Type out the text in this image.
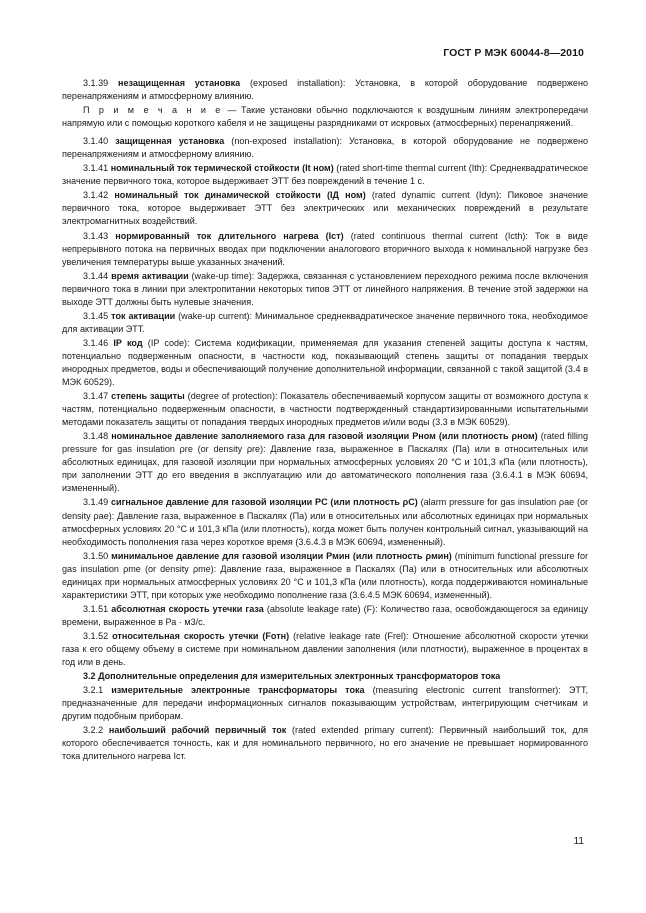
ГОСТ Р МЭК 60044-8—2010

3.1.39 незащищенная установка (exposed installation): Установка, в которой оборудование подвержено перенапряжениям и атмосферному влиянию.

П р и м е ч а н и е — Такие установки обычно подключаются к воздушным линиям электропередачи напрямую или с помощью короткого кабеля и не защищены разрядниками от искровых (атмосферных) перенапряжений.

3.1.40 защищенная установка (non-exposed installation): Установка, в которой оборудование не подвержено перенапряжениям и атмосферному влиянию.

3.1.41 номинальный ток термической стойкости (It ном) (rated short-time thermal current (Ith): Среднеквадратическое значение первичного тока, которое выдерживает ЭТТ без повреждений в течение 1 с.

3.1.42 номинальный ток динамической стойкости (IД ном) (rated dynamic current (Idyn): Пиковое значение первичного тока, которое выдерживает ЭТТ без электрических или механических повреждений в результате электромагнитных воздействий.

3.1.43 нормированный ток длительного нагрева (Icт) (rated continuous thermal current (Icth): Ток в виде непрерывного потока на первичных вводах при подключении аналогового вторичного выхода к номинальной нагрузке без увеличения температуры выше указанных значений.

3.1.44 время активации (wake-up time): Задержка, связанная с установлением переходного режима после включения первичного тока в линии при электропитании некоторых типов ЭТТ от линейного напряжения. В течение этой задержки на выходе ЭТТ должны быть нулевые значения.

3.1.45 ток активации (wake-up current): Минимальное среднеквадратическое значение первичного тока, необходимое для активации ЭТТ.

3.1.46 IP код (IP code): Система кодификации, применяемая для указания степеней защиты доступа к частям, потенциально подверженным опасности, в частности код, показывающий степень защиты от попадания твердых инородных предметов, воды и обеспечивающий получение дополнительной информации, связанной с такой защитой (3.4 в МЭК 60529).

3.1.47 степень защиты (degree of protection): Показатель обеспечиваемый корпусом защиты от возможного доступа к частям, потенциально подверженным опасности, в частности подтвержденный стандартизированными испытательными методами показатель защиты от попадания твердых инородных предметов и/или воды (3.3 в МЭК 60529).

3.1.48 номинальное давление заполняемого газа для газовой изоляции Pном (или плотность ρном) (rated filling pressure for gas insulation ρre (or density ρre): Давление газа, выраженное в Паскалях (Па) или в относительных или абсолютных единицах, для газовой изоляции при нормальных атмосферных условиях 20 °С и 101,3 кПа (или плотность), при заполнении ЭТТ до его введения в эксплуатацию или до автоматического пополнения газа (3.6.4.1 в МЭК 60694, измененный).

3.1.49 сигнальное давление для газовой изоляции PC (или плотность ρC) (alarm pressure for gas insulation ρae (or density ρae): Давление газа, выраженное в Паскалях (Па) или в относительных или абсолютных единицах при нормальных атмосферных условиях 20 °С и 101,3 кПа (или плотность), когда может быть получен контрольный сигнал, указывающий на необходимость пополнения газа через короткое время (3.6.4.3 в МЭК 60694, измененный).

3.1.50 минимальное давление для газовой изоляции Pмин (или плотность ρмин) (minimum functional pressure for gas insulation ρme (or density ρme): Давление газа, выраженное в Паскалях (Па) или в относительных или абсолютных единицах при нормальных атмосферных условиях 20 °С и 101,3 кПа (или плотность), когда поддерживаются номинальные характеристики ЭТТ, при которых уже необходимо пополнение газа (3.6.4.5 МЭК 60694, измененный).

3.1.51 абсолютная скорость утечки газа (absolute leakage rate) (F): Количество газа, освобождающегося за единицу времени, выраженное в Ра · м3/с.

3.1.52 относительная скорость утечки (Fотн) (relative leakage rate (Frel): Отношение абсолютной скорости утечки газа к его общему объему в системе при номинальном давлении заполнения (или плотности), выраженное в процентах в год или в день.

3.2 Дополнительные определения для измерительных электронных трансформаторов тока

3.2.1 измерительные электронные трансформаторы тока (measuring electronic current transformer): ЭТТ, предназначенные для передачи информационных сигналов показывающим устройствам, интегрирующим счетчикам и другим подобным приборам.

3.2.2 наибольший рабочий первичный ток (rated extended primary current): Первичный наибольший ток, для которого обеспечивается точность, как и для номинального первичного, но его значение не превышает нормированного тока длительного нагрева Icт.

11
